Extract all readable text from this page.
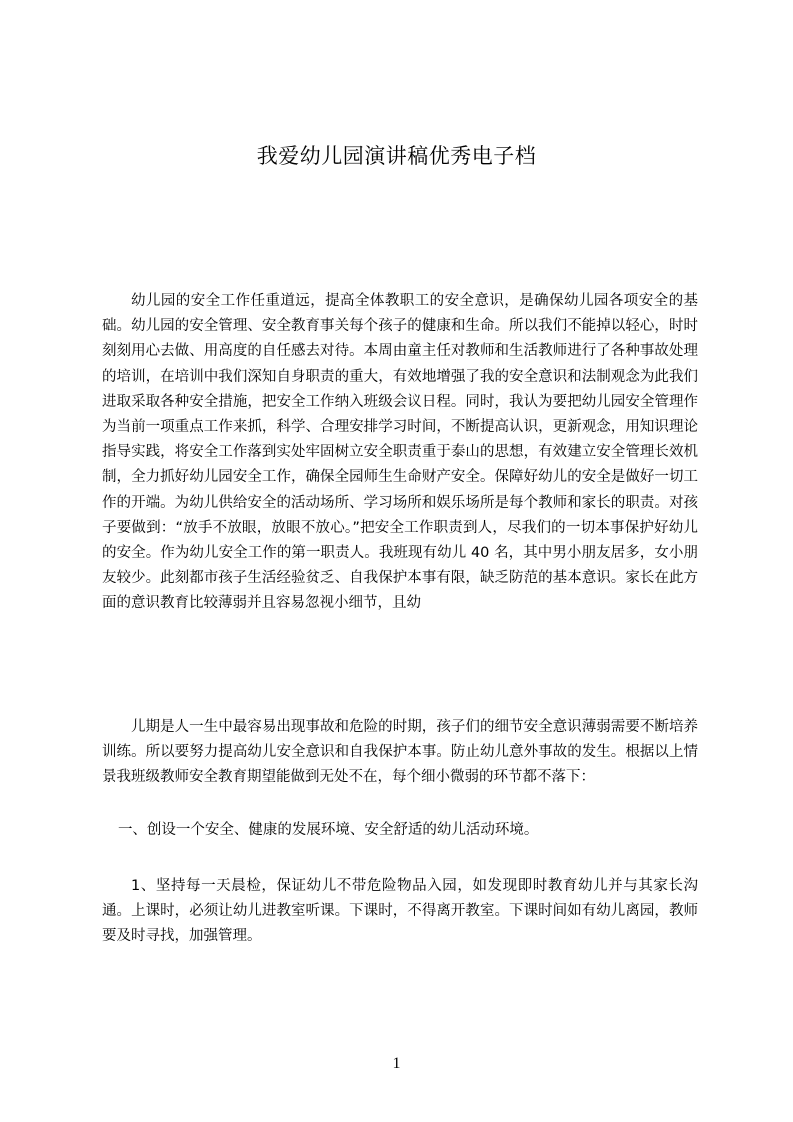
我爱幼儿园演讲稿优秀电子档

幼儿园的安全工作任重道远，提高全体教职工的安全意识，是确保幼儿园各项安全的基础。幼儿园的安全管理、安全教育事关每个孩子的健康和生命。所以我们不能掉以轻心，时时刻刻用心去做、用高度的自任感去对待。本周由童主任对教师和生活教师进行了各种事故处理的培训，在培训中我们深知自身职责的重大，有效地增强了我的安全意识和法制观念为此我们进取采取各种安全措施，把安全工作纳入班级会议日程。同时，我认为要把幼儿园安全管理作为当前一项重点工作来抓，科学、合理安排学习时间，不断提高认识，更新观念，用知识理论指导实践，将安全工作落到实处牢固树立安全职责重于泰山的思想，有效建立安全管理长效机制，全力抓好幼儿园安全工作，确保全园师生生命财产安全。保障好幼儿的安全是做好一切工作的开端。为幼儿供给安全的活动场所、学习场所和娱乐场所是每个教师和家长的职责。对孩子要做到：“放手不放眼，放眼不放心。”把安全工作职责到人，尽我们的一切本事保护好幼儿的安全。作为幼儿安全工作的第一职责人。我班现有幼儿 40 名，其中男小朋友居多，女小朋友较少。此刻都市孩子生活经验贫乏、自我保护本事有限，缺乏防范的基本意识。家长在此方面的意识教育比较薄弱并且容易忽视小细节，且幼

儿期是人一生中最容易出现事故和危险的时期，孩子们的细节安全意识薄弱需要不断培养训练。所以要努力提高幼儿安全意识和自我保护本事。防止幼儿意外事故的发生。根据以上情景我班级教师安全教育期望能做到无处不在，每个细小微弱的环节都不落下：

一、创设一个安全、健康的发展环境、安全舒适的幼儿活动环境。

1、坚持每一天晨检，保证幼儿不带危险物品入园，如发现即时教育幼儿并与其家长沟通。上课时，必须让幼儿进教室听课。下课时，不得离开教室。下课时间如有幼儿离园，教师要及时寻找，加强管理。

1
